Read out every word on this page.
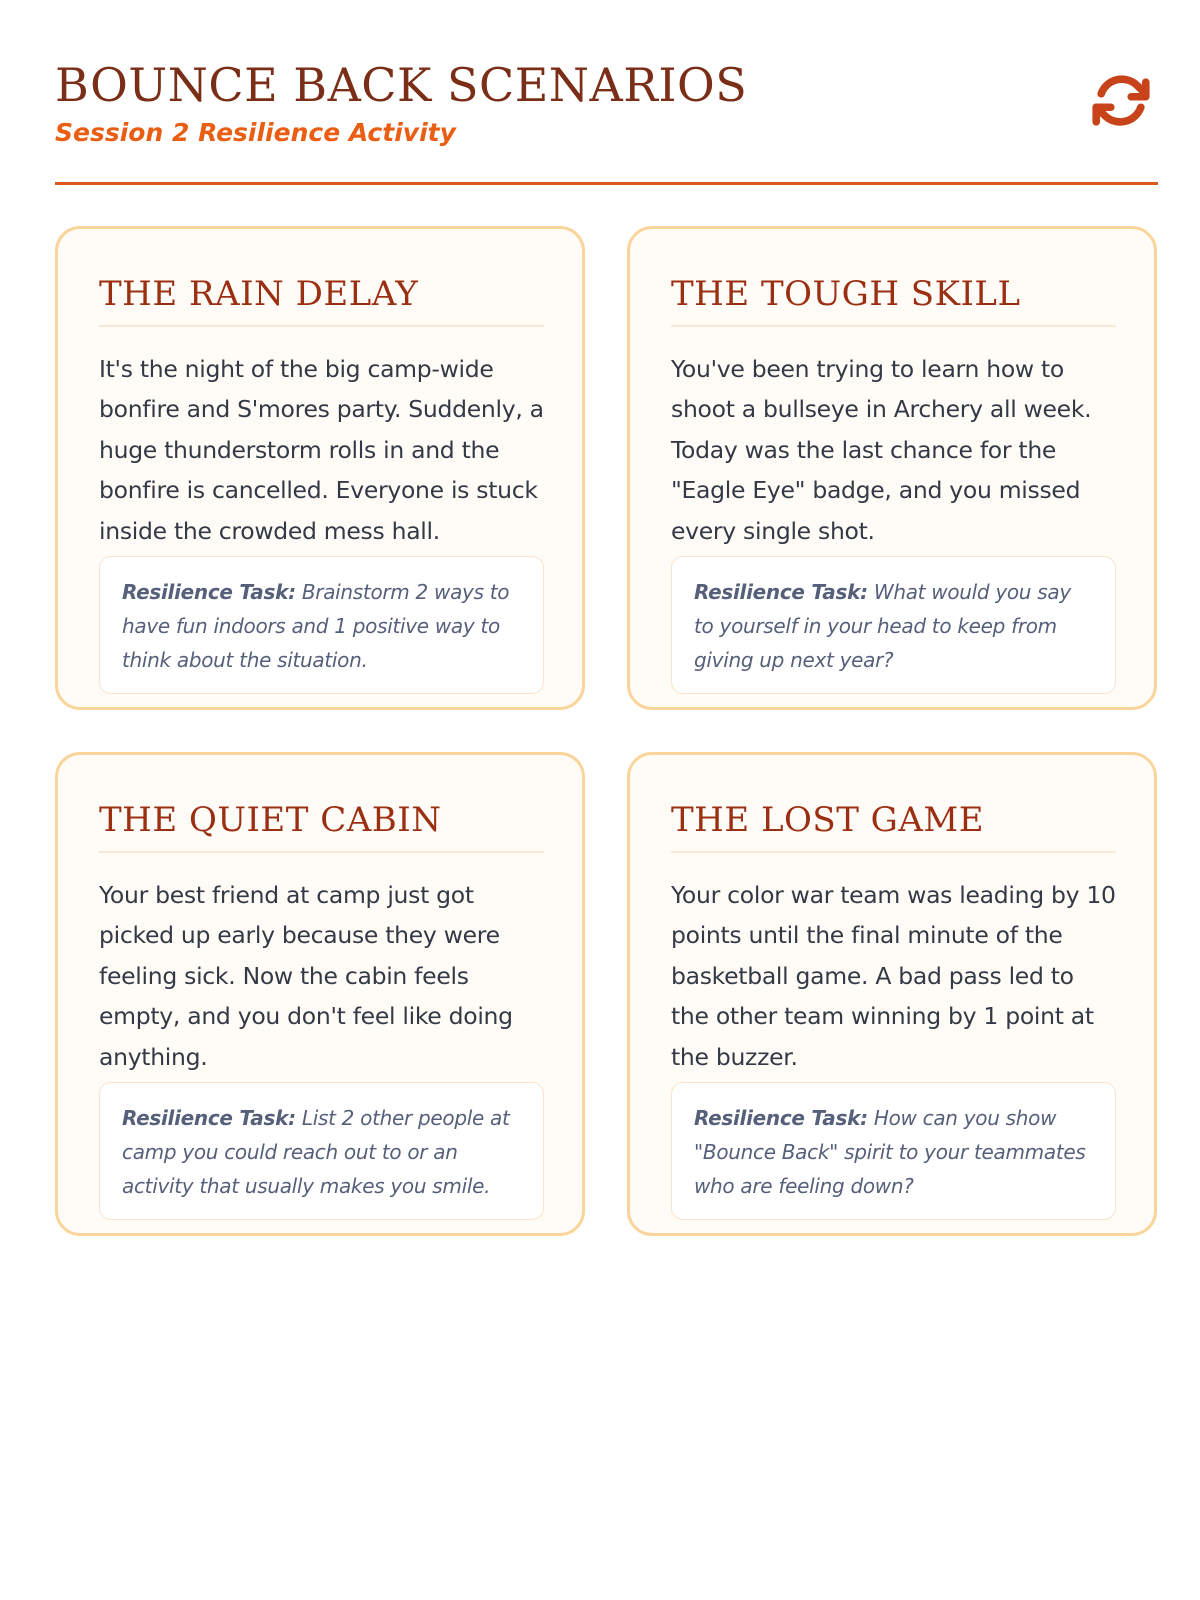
BOUNCE BACK SCENARIOS
Session 2 Resilience Activity
THE RAIN DELAY

It's the night of the big camp-wide bonfire and S'mores party. Suddenly, a huge thunderstorm rolls in and the bonfire is cancelled. Everyone is stuck inside the crowded mess hall.

Resilience Task: Brainstorm 2 ways to have fun indoors and 1 positive way to think about the situation.
THE TOUGH SKILL

You've been trying to learn how to shoot a bullseye in Archery all week. Today was the last chance for the "Eagle Eye" badge, and you missed every single shot.

Resilience Task: What would you say to yourself in your head to keep from giving up next year?
THE QUIET CABIN

Your best friend at camp just got picked up early because they were feeling sick. Now the cabin feels empty, and you don't feel like doing anything.

Resilience Task: List 2 other people at camp you could reach out to or an activity that usually makes you smile.
THE LOST GAME

Your color war team was leading by 10 points until the final minute of the basketball game. A bad pass led to the other team winning by 1 point at the buzzer.

Resilience Task: How can you show "Bounce Back" spirit to your teammates who are feeling down?
